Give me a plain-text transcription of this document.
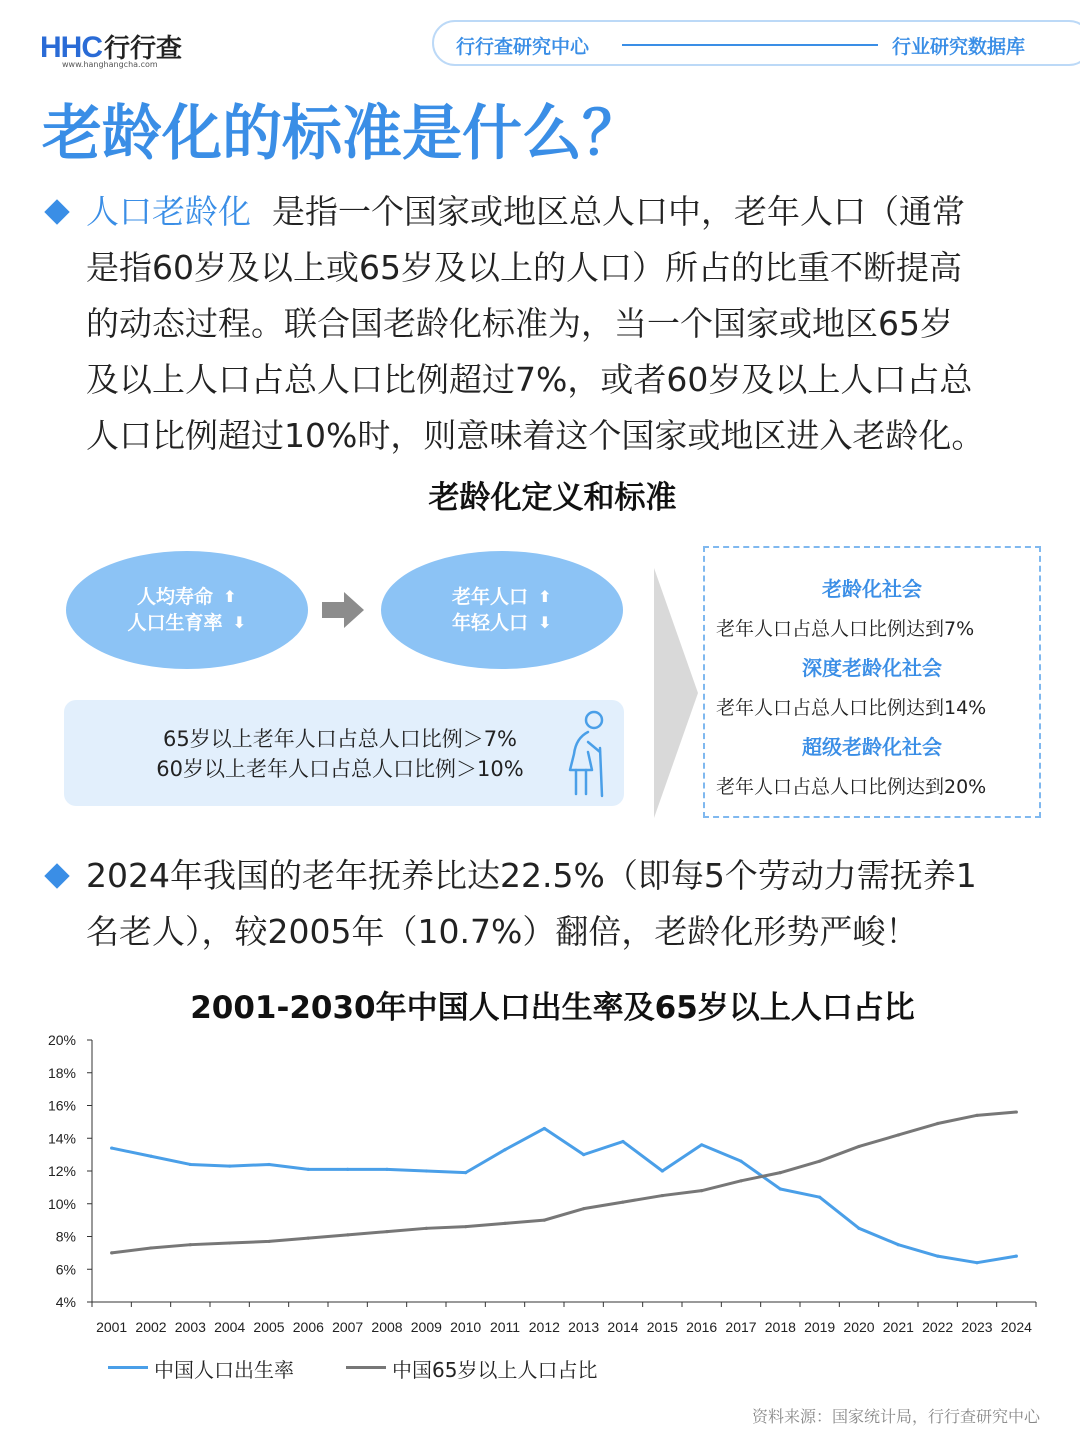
HHC行行查
www.hanghangcha.com
行行查研究中心	行业研究数据库
老龄化的标准是什么？
人口老龄化 是指一个国家或地区总人口中，老年人口（通常
是指60岁及以上或65岁及以上的人口）所占的比重不断提高
的动态过程。联合国老龄化标准为，当一个国家或地区65岁
及以上人口占总人口比例超过7%，或者60岁及以上人口占总
人口比例超过10%时，则意味着这个国家或地区进入老龄化。
老龄化定义和标准
人均寿命 ⬆
人口生育率 ⬇
老年人口 ⬆
年轻人口 ⬇
65岁以上老年人口占总人口比例＞7%
60岁以上老年人口占总人口比例＞10%
老龄化社会
老年人口占总人口比例达到7%
深度老龄化社会
老年人口占总人口比例达到14%
超级老龄化社会
老年人口占总人口比例达到20%
2024年我国的老年抚养比达22.5%（即每5个劳动力需抚养1
名老人），较2005年（10.7%）翻倍，老龄化形势严峻！
2001-2030年中国人口出生率及65岁以上人口占比
20%
18%
16%
14%
12%
10%
8%
6%
4%
2001 2002 2003 2004 2005 2006 2007 2008 2009 2010 2011 2012 2013 2014 2015 2016 2017 2018 2019 2020 2021 2022 2023 2024
中国人口出生率	中国65岁以上人口占比
资料来源：国家统计局，行行查研究中心
